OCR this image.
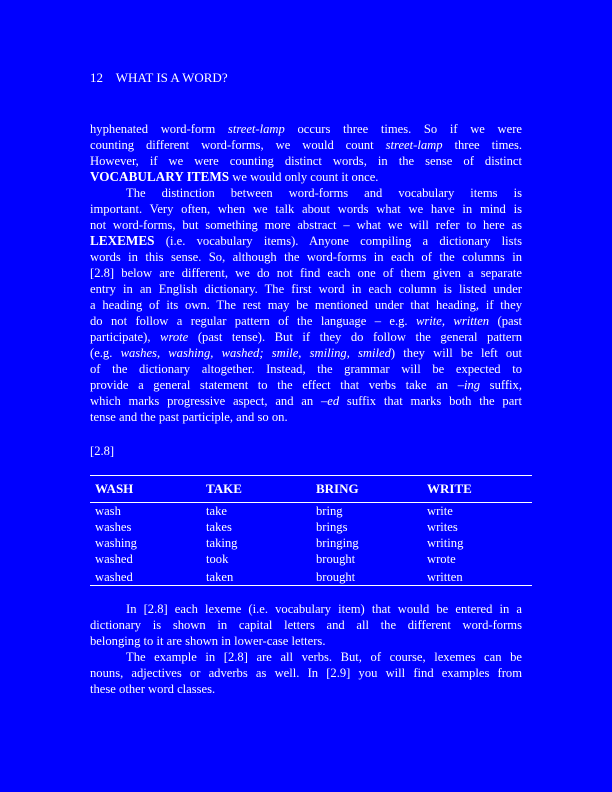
12 WHAT IS A WORD?
hyphenated word-form street-lamp occurs three times. So if we were
counting different word-forms, we would count street-lamp three times.
However, if we were counting distinct words, in the sense of distinct
VOCABULARY ITEMS we would only count it once.
The distinction between word-forms and vocabulary items is
important. Very often, when we talk about words what we have in mind is
not word-forms, but something more abstract – what we will refer to here as
LEXEMES (i.e. vocabulary items). Anyone compiling a dictionary lists
words in this sense. So, although the word-forms in each of the columns in
[2.8] below are different, we do not find each one of them given a separate
entry in an English dictionary. The first word in each column is listed under
a heading of its own. The rest may be mentioned under that heading, if they
do not follow a regular pattern of the language – e.g. write, written (past
participate), wrote (past tense). But if they do follow the general pattern
(e.g. washes, washing, washed; smile, smiling, smiled) they will be left out
of the dictionary altogether. Instead, the grammar will be expected to
provide a general statement to the effect that verbs take an –ing suffix,
which marks progressive aspect, and an –ed suffix that marks both the part
tense and the past participle, and so on.
[2.8]
WASH	TAKE	BRING	WRITE
wash	take	bring	write
washes	takes	brings	writes
washing	taking	bringing	writing
washed	took	brought	wrote
washed	taken	brought	written
In [2.8] each lexeme (i.e. vocabulary item) that would be entered in a
dictionary is shown in capital letters and all the different word-forms
belonging to it are shown in lower-case letters.
The example in [2.8] are all verbs. But, of course, lexemes can be
nouns, adjectives or adverbs as well. In [2.9] you will find examples from
these other word classes.
